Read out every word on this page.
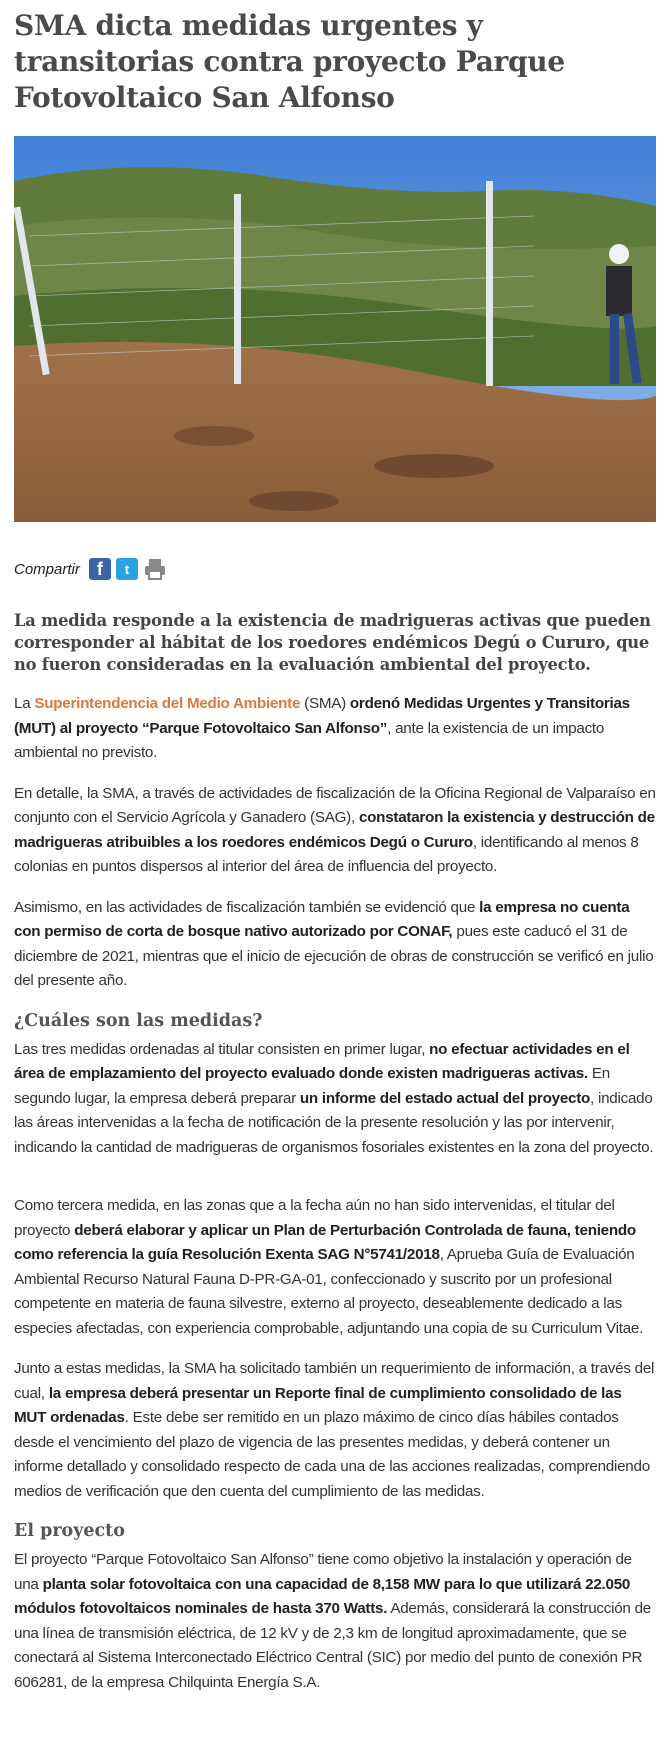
SMA dicta medidas urgentes y transitorias contra proyecto Parque Fotovoltaico San Alfonso
Compartir f	t

La medida responde a la existencia de madrigueras activas que pueden corresponder al hábitat de los roedores endémicos Degú o Cururo, que no fueron consideradas en la evaluación ambiental del proyecto.

La Superintendencia del Medio Ambiente (SMA) ordenó Medidas Urgentes y Transitorias (MUT) al proyecto “Parque Fotovoltaico San Alfonso”, ante la existencia de un impacto ambiental no previsto.

En detalle, la SMA, a través de actividades de fiscalización de la Oficina Regional de Valparaíso en conjunto con el Servicio Agrícola y Ganadero (SAG), constataron la existencia y destrucción de madrigueras atribuibles a los roedores endémicos Degú o Cururo, identificando al menos 8 colonias en puntos dispersos al interior del área de influencia del proyecto.

Asimismo, en las actividades de fiscalización también se evidenció que la empresa no cuenta con permiso de corta de bosque nativo autorizado por CONAF, pues este caducó el 31 de diciembre de 2021, mientras que el inicio de ejecución de obras de construcción se verificó en julio del presente año.

¿Cuáles son las medidas?

Las tres medidas ordenadas al titular consisten en primer lugar, no efectuar actividades en el área de emplazamiento del proyecto evaluado donde existen madrigueras activas. En segundo lugar, la empresa deberá preparar un informe del estado actual del proyecto, indicado las áreas intervenidas a la fecha de notificación de la presente resolución y las por intervenir, indicando la cantidad de madrigueras de organismos fosoriales existentes en la zona del proyecto.

Como tercera medida, en las zonas que a la fecha aún no han sido intervenidas, el titular del proyecto deberá elaborar y aplicar un Plan de Perturbación Controlada de fauna, teniendo como referencia la guía Resolución Exenta SAG N°5741/2018, Aprueba Guía de Evaluación Ambiental Recurso Natural Fauna D-PR-GA-01, confeccionado y suscrito por un profesional competente en materia de fauna silvestre, externo al proyecto, deseablemente dedicado a las especies afectadas, con experiencia comprobable, adjuntando una copia de su Curriculum Vitae.

Junto a estas medidas, la SMA ha solicitado también un requerimiento de información, a través del cual, la empresa deberá presentar un Reporte final de cumplimiento consolidado de las MUT ordenadas. Este debe ser remitido en un plazo máximo de cinco días hábiles contados desde el vencimiento del plazo de vigencia de las presentes medidas, y deberá contener un informe detallado y consolidado respecto de cada una de las acciones realizadas, comprendiendo medios de verificación que den cuenta del cumplimiento de las medidas.

El proyecto

El proyecto “Parque Fotovoltaico San Alfonso” tiene como objetivo la instalación y operación de una planta solar fotovoltaica con una capacidad de 8,158 MW para lo que utilizará 22.050 módulos fotovoltaicos nominales de hasta 370 Watts. Además, considerará la construcción de una línea de transmisión eléctrica, de 12 kV y de 2,3 km de longitud aproximadamente, que se conectará al Sistema Interconectado Eléctrico Central (SIC) por medio del punto de conexión PR 606281, de la empresa Chilquinta Energía S.A.
